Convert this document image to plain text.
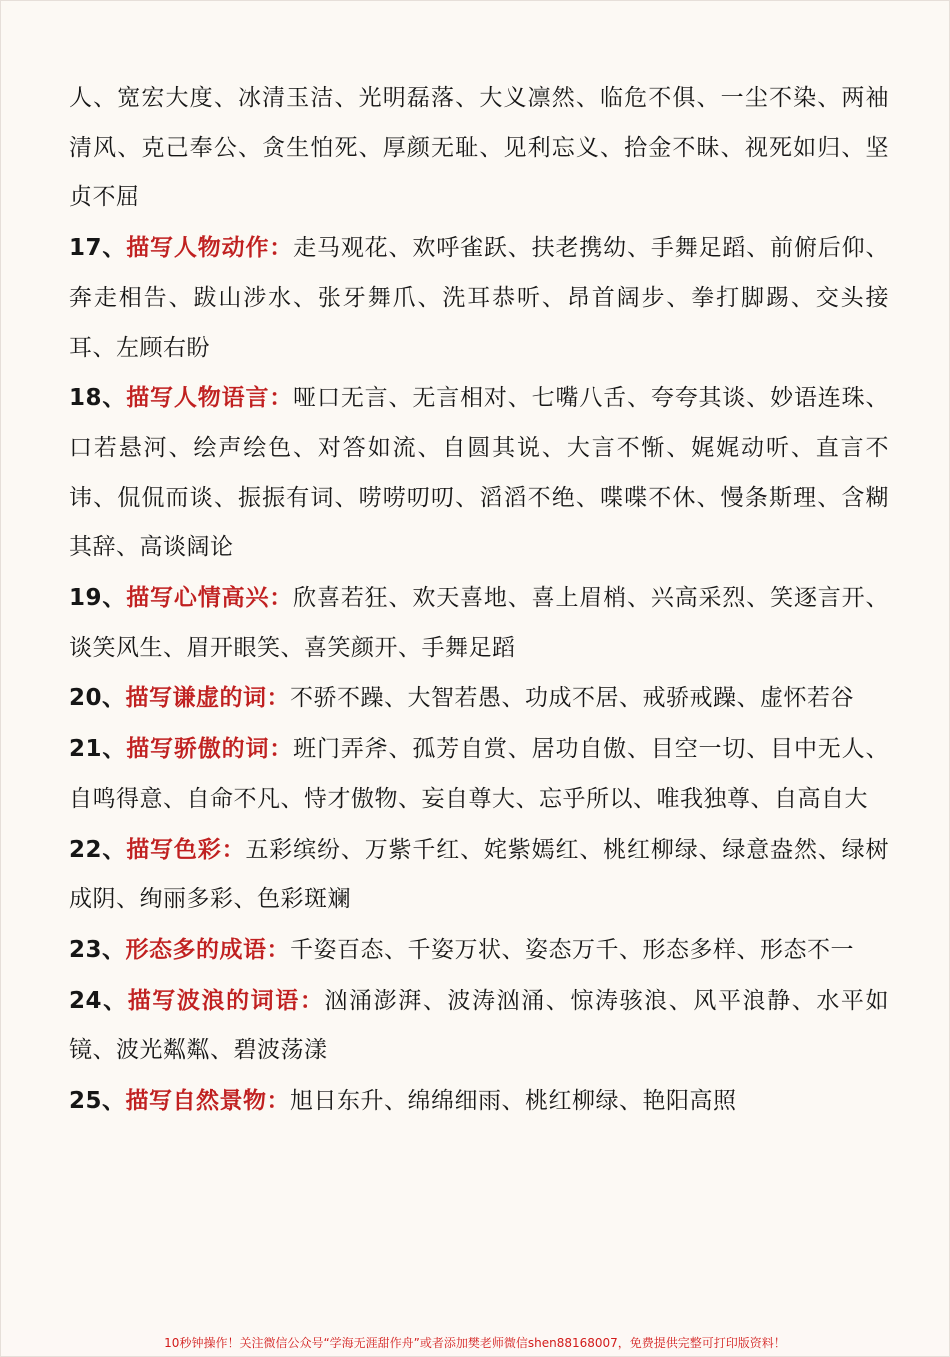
人、宽宏大度、冰清玉洁、光明磊落、大义凛然、临危不俱、一尘不染、两袖清风、克己奉公、贪生怕死、厚颜无耻、见利忘义、拾金不昧、视死如归、坚贞不屈

17、描写人物动作：走马观花、欢呼雀跃、扶老携幼、手舞足蹈、前俯后仰、奔走相告、跋山涉水、张牙舞爪、洗耳恭听、昂首阔步、拳打脚踢、交头接耳、左顾右盼

18、描写人物语言：哑口无言、无言相对、七嘴八舌、夸夸其谈、妙语连珠、口若悬河、绘声绘色、对答如流、自圆其说、大言不惭、娓娓动听、直言不讳、侃侃而谈、振振有词、唠唠叨叨、滔滔不绝、喋喋不休、慢条斯理、含糊其辞、高谈阔论

19、描写心情高兴：欣喜若狂、欢天喜地、喜上眉梢、兴高采烈、笑逐言开、谈笑风生、眉开眼笑、喜笑颜开、手舞足蹈

20、描写谦虚的词：不骄不躁、大智若愚、功成不居、戒骄戒躁、虚怀若谷

21、描写骄傲的词：班门弄斧、孤芳自赏、居功自傲、目空一切、目中无人、自鸣得意、自命不凡、恃才傲物、妄自尊大、忘乎所以、唯我独尊、自高自大

22、描写色彩：五彩缤纷、万紫千红、姹紫嫣红、桃红柳绿、绿意盎然、绿树成阴、绚丽多彩、色彩斑斓

23、形态多的成语：千姿百态、千姿万状、姿态万千、形态多样、形态不一

24、描写波浪的词语：汹涌澎湃、波涛汹涌、惊涛骇浪、风平浪静、水平如镜、波光粼粼、碧波荡漾

25、描写自然景物：旭日东升、绵绵细雨、桃红柳绿、艳阳高照

10秒钟操作！关注微信公众号“学海无涯甜作舟”或者添加樊老师微信shen88168007，免费提供完整可打印版资料！
